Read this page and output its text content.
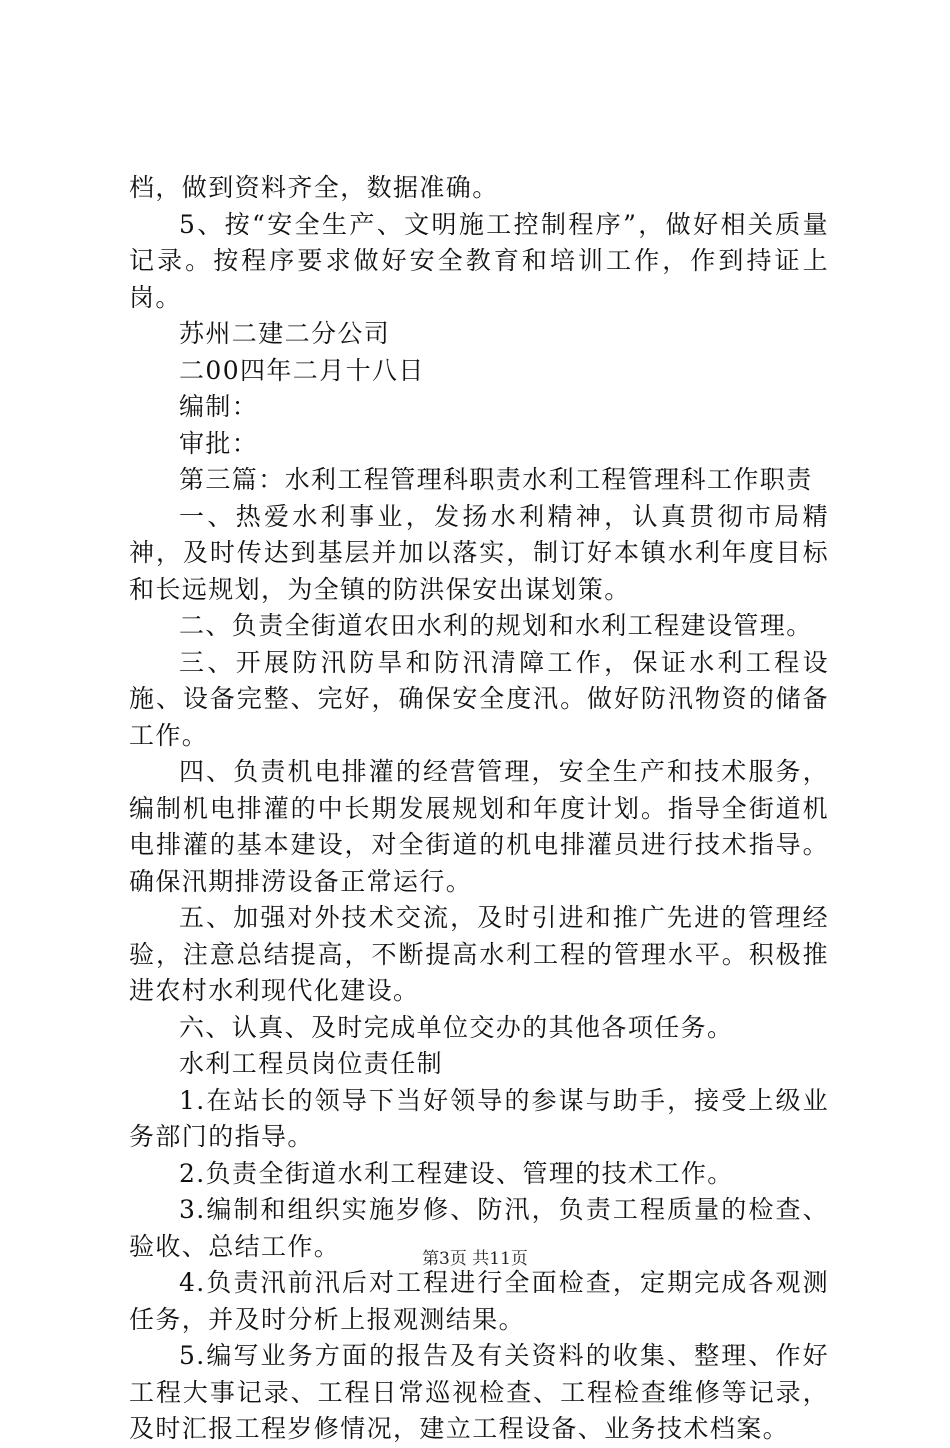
档，做到资料齐全，数据准确。

5、按“安全生产、文明施工控制程序”，做好相关质量记录。按程序要求做好安全教育和培训工作，作到持证上岗。

苏州二建二分公司

二00四年二月十八日

编制：

审批：

第三篇：水利工程管理科职责水利工程管理科工作职责

一、热爱水利事业，发扬水利精神，认真贯彻市局精神，及时传达到基层并加以落实，制订好本镇水利年度目标和长远规划，为全镇的防洪保安出谋划策。

二、负责全街道农田水利的规划和水利工程建设管理。

三、开展防汛防旱和防汛清障工作，保证水利工程设施、设备完整、完好，确保安全度汛。做好防汛物资的储备工作。

四、负责机电排灌的经营管理，安全生产和技术服务，编制机电排灌的中长期发展规划和年度计划。指导全街道机电排灌的基本建设，对全街道的机电排灌员进行技术指导。确保汛期排涝设备正常运行。

五、加强对外技术交流，及时引进和推广先进的管理经验，注意总结提高，不断提高水利工程的管理水平。积极推进农村水利现代化建设。

六、认真、及时完成单位交办的其他各项任务。

水利工程员岗位责任制

1.在站长的领导下当好领导的参谋与助手，接受上级业务部门的指导。

2.负责全街道水利工程建设、管理的技术工作。

3.编制和组织实施岁修、防汛，负责工程质量的检查、验收、总结工作。

4.负责汛前汛后对工程进行全面检查，定期完成各观测任务，并及时分析上报观测结果。

5.编写业务方面的报告及有关资料的收集、整理、作好工程大事记录、工程日常巡视检查、工程检查维修等记录，及时汇报工程岁修情况，建立工程设备、业务技术档案。

第3页 共11页
